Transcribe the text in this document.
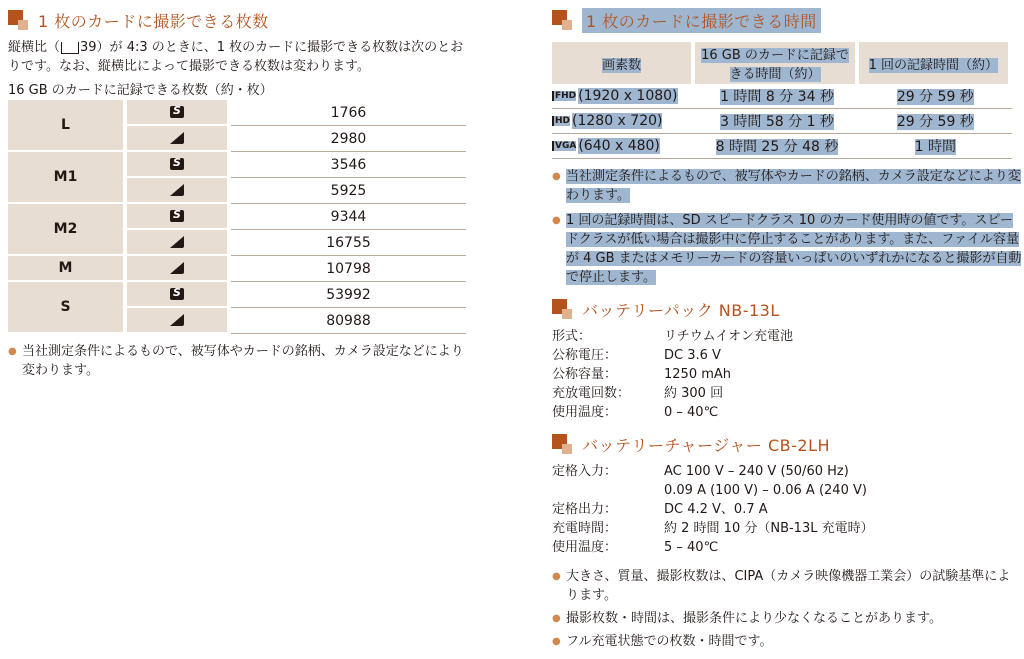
1 枚のカードに撮影できる枚数

縦横比（ 39）が 4:3 のときに、1 枚のカードに撮影できる枚数は次のとおりです。なお、縦横比によって撮影できる枚数は変わります。

16 GB のカードに記録できる枚数（約・枚）
L	S	1766
		2980
M1	S	3546
		5925
M2	S	9344
		16755
M		10798
S	S	53992
		80988
● 当社測定条件によるもので、被写体やカードの銘柄、カメラ設定などにより変わります。
1 枚のカードに撮影できる時間
画素数	16 GB のカードに記録できる時間（約）	1 回の記録時間（約）
FHD (1920 x 1080)	1 時間 8 分 34 秒	29 分 59 秒
HD (1280 x 720)	3 時間 58 分 1 秒	29 分 59 秒
VGA (640 x 480)	8 時間 25 分 48 秒	1 時間
● 当社測定条件によるもので、被写体やカードの銘柄、カメラ設定などにより変わります。
● 1 回の記録時間は、SD スピードクラス 10 のカード使用時の値です。スピードクラスが低い場合は撮影中に停止することがあります。また、ファイル容量が 4 GB またはメモリーカードの容量いっぱいのいずれかになると撮影が自動で停止します。
バッテリーパック NB-13L
形式：	リチウムイオン充電池
公称電圧：	DC 3.6 V
公称容量：	1250 mAh
充放電回数：	約 300 回
使用温度：	0 – 40℃
バッテリーチャージャー CB-2LH
定格入力：	AC 100 V – 240 V (50/60 Hz)
0.09 A (100 V) – 0.06 A (240 V)
定格出力：	DC 4.2 V、0.7 A
充電時間：	約 2 時間 10 分（NB-13L 充電時）
使用温度：	5 – 40℃
● 大きさ、質量、撮影枚数は、CIPA（カメラ映像機器工業会）の試験基準によります。
● 撮影枚数・時間は、撮影条件により少なくなることがあります。
● フル充電状態での枚数・時間です。
